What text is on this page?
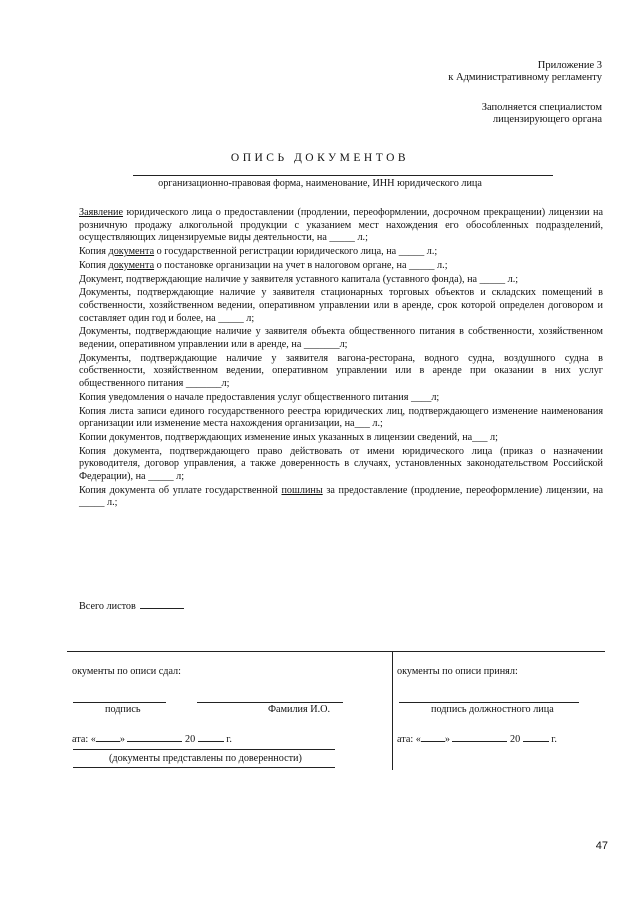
Приложение 3
к Административному регламенту
Заполняется специалистом
лицензирующего органа
ОПИСЬ ДОКУМЕНТОВ
организационно-правовая форма, наименование, ИНН юридического лица

Заявление юридического лица о предоставлении (продлении, переоформлении, досрочном прекращении) лицензии на розничную продажу алкогольной продукции с указанием мест нахождения его обособленных подразделений, осуществляющих лицензируемые виды деятельности, на _____ л.;

Копия документа о государственной регистрации юридического лица, на _____ л.;

Копия документа о постановке организации на учет в налоговом органе, на _____ л.;

Документ, подтверждающие наличие у заявителя уставного капитала (уставного фонда), на _____ л.;

Документы, подтверждающие наличие у заявителя стационарных торговых объектов и складских помещений в собственности, хозяйственном ведении, оперативном управлении или в аренде, срок которой определен договором и составляет один год и более, на _____ л;

Документы, подтверждающие наличие у заявителя объекта общественного питания в собственности, хозяйственном ведении, оперативном управлении или в аренде, на _______л;

Документы, подтверждающие наличие у заявителя вагона-ресторана, водного судна, воздушного судна в собственности, хозяйственном ведении, оперативном управлении или в аренде при оказании в них услуг общественного питания _______л;

Копия уведомления о начале предоставления услуг общественного питания ____л;

Копия листа записи единого государственного реестра юридических лиц, подтверждающего изменение наименования организации или изменение места нахождения организации, на___ л.;

Копии документов, подтверждающих изменение иных указанных в лицензии сведений, на___ л;

Копия документа, подтверждающего право действовать от имени юридического лица (приказ о назначении руководителя, договор управления, а также доверенность в случаях, установленных законодательством Российской Федерации), на _____ л;

Копия документа об уплате государственной пошлины за предоставление (продление, переоформление) лицензии, на _____ л.;

Всего листов
окументы по описи сдал:
подпись	Фамилия И.О.
ата: « »	20	г.
(документы представлены по доверенности)
окументы по описи принял:
подпись должностного лица
ата: « »	20	г.
47
